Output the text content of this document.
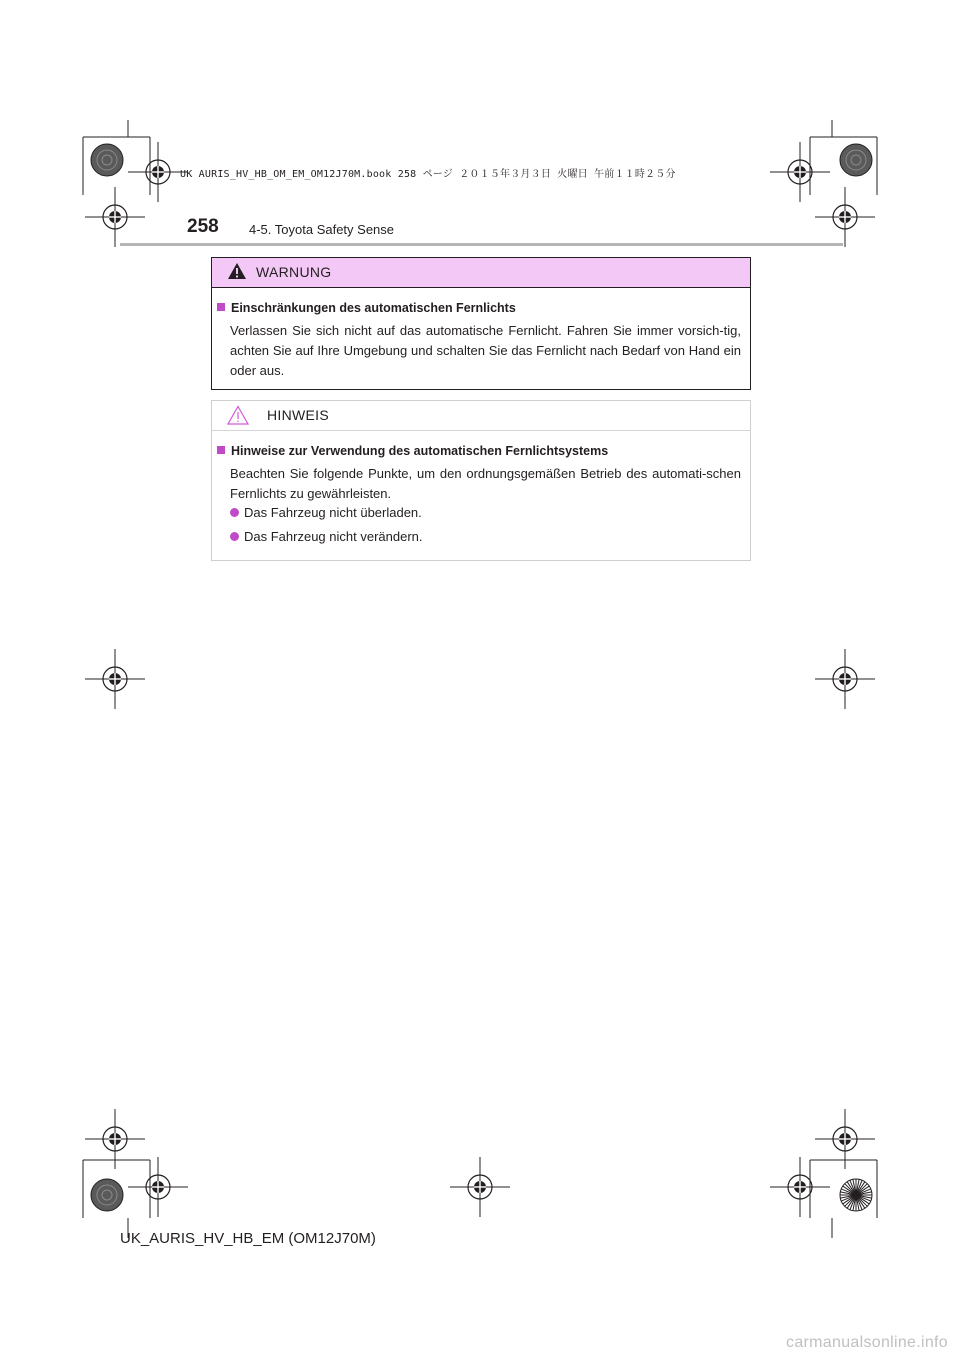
UK AURIS_HV_HB_OM_EM_OM12J70M.book 258 ページ ２０１５年３月３日 火曜日 午前１１時２５分
258 4-5. Toyota Safety Sense
WARNUNG
Einschränkungen des automatischen Fernlichts
Verlassen Sie sich nicht auf das automatische Fernlicht. Fahren Sie immer vorsich-tig, achten Sie auf Ihre Umgebung und schalten Sie das Fernlicht nach Bedarf von Hand ein oder aus.
HINWEIS
Hinweise zur Verwendung des automatischen Fernlichtsystems
Beachten Sie folgende Punkte, um den ordnungsgemäßen Betrieb des automati-schen Fernlichts zu gewährleisten.
Das Fahrzeug nicht überladen.
Das Fahrzeug nicht verändern.
UK_AURIS_HV_HB_EM (OM12J70M)
carmanualsonline.info
